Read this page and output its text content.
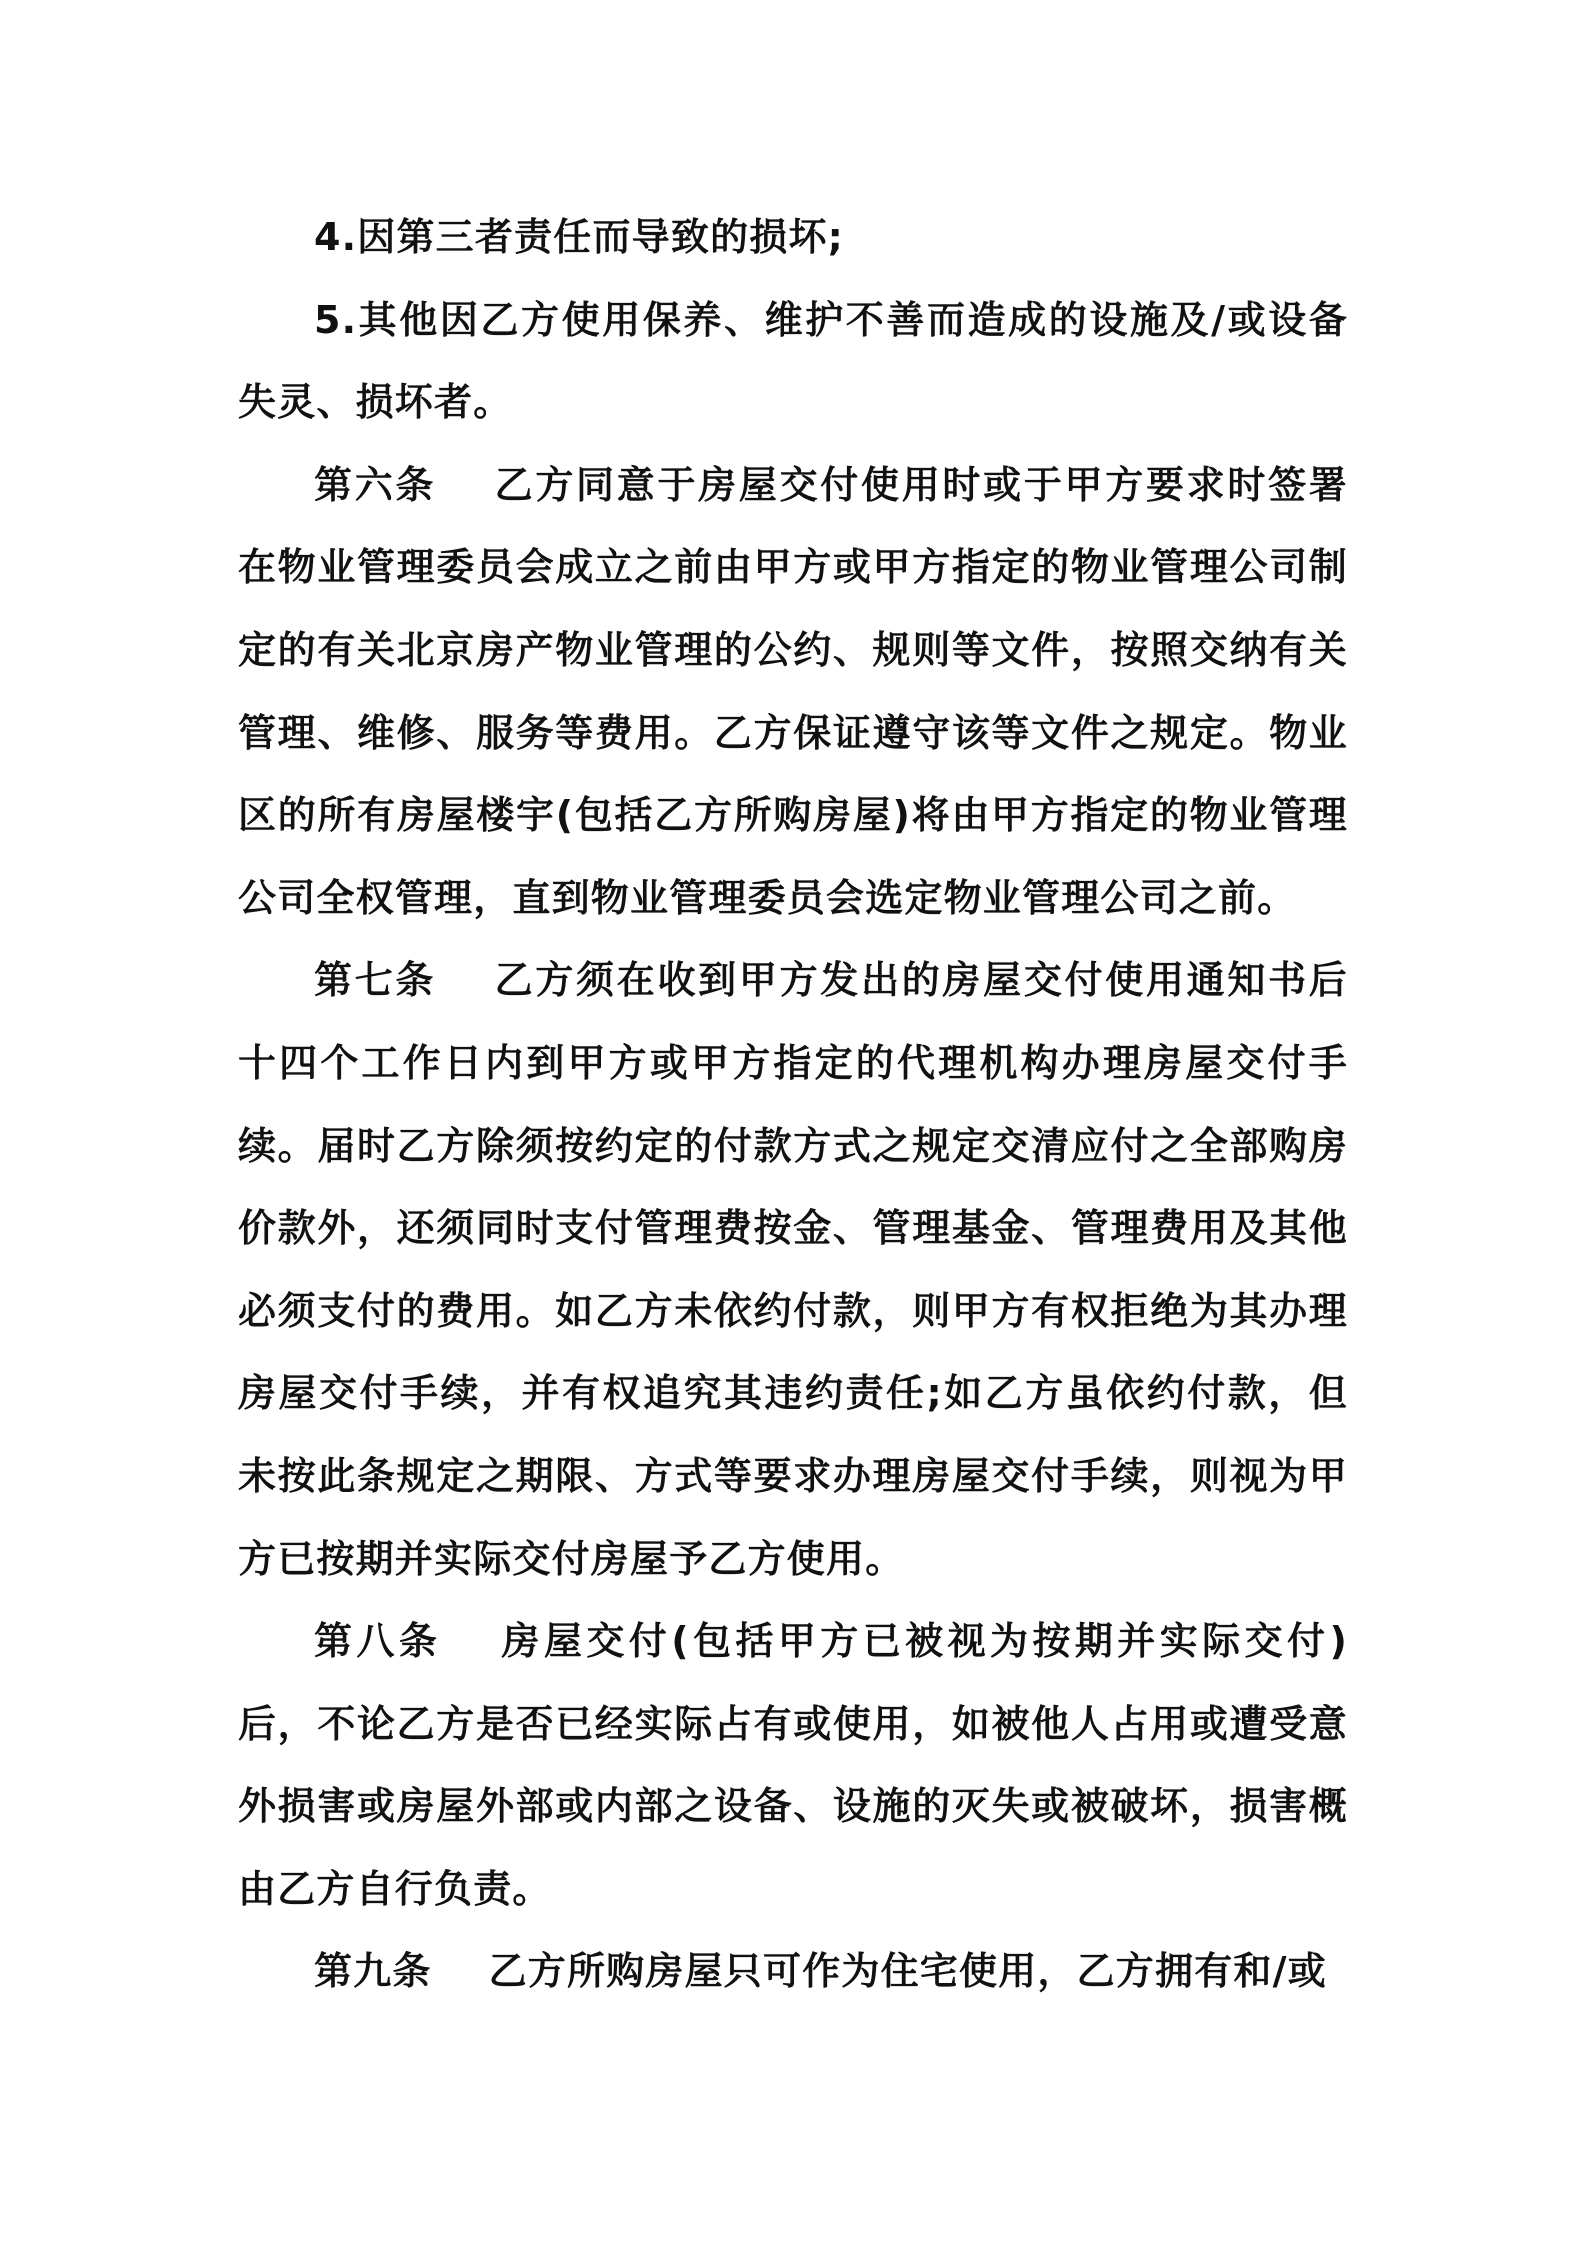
4.因第三者责任而导致的损坏;

5.其他因乙方使用保养、维护不善而造成的设施及/或设备失灵、损坏者。

第六条 乙方同意于房屋交付使用时或于甲方要求时签署在物业管理委员会成立之前由甲方或甲方指定的物业管理公司制定的有关北京房产物业管理的公约、规则等文件，按照交纳有关管理、维修、服务等费用。乙方保证遵守该等文件之规定。物业区的所有房屋楼宇(包括乙方所购房屋)将由甲方指定的物业管理公司全权管理，直到物业管理委员会选定物业管理公司之前。

第七条 乙方须在收到甲方发出的房屋交付使用通知书后十四个工作日内到甲方或甲方指定的代理机构办理房屋交付手续。届时乙方除须按约定的付款方式之规定交清应付之全部购房价款外，还须同时支付管理费按金、管理基金、管理费用及其他必须支付的费用。如乙方未依约付款，则甲方有权拒绝为其办理房屋交付手续，并有权追究其违约责任;如乙方虽依约付款，但未按此条规定之期限、方式等要求办理房屋交付手续，则视为甲方已按期并实际交付房屋予乙方使用。

第八条 房屋交付(包括甲方已被视为按期并实际交付)后，不论乙方是否已经实际占有或使用，如被他人占用或遭受意外损害或房屋外部或内部之设备、设施的灭失或被破坏，损害概由乙方自行负责。

第九条 乙方所购房屋只可作为住宅使用，乙方拥有和/或
